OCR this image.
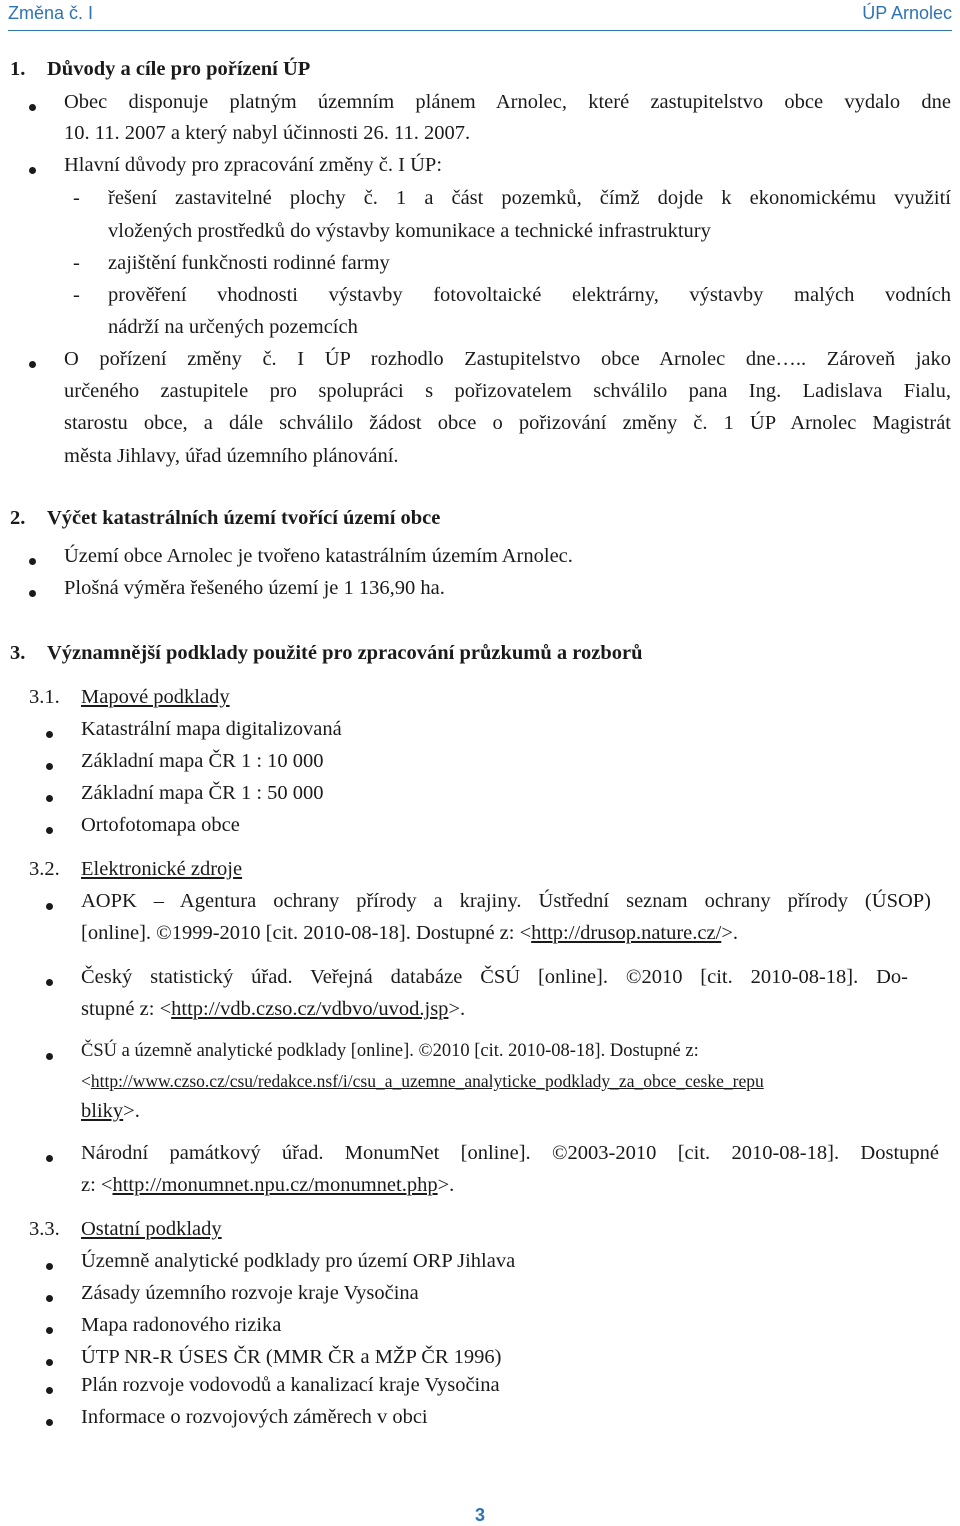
Změna č. I	ÚP Arnolec
1. Důvody a cíle pro pořízení ÚP
Obec disponuje platným územním plánem Arnolec, které zastupitelstvo obce vydalo dne
10. 11. 2007 a který nabyl účinnosti 26. 11. 2007.
Hlavní důvody pro zpracování změny č. I ÚP:
- řešení zastavitelné plochy č. 1 a část pozemků, čímž dojde k ekonomickému využití
vložených prostředků do výstavby komunikace a technické infrastruktury
- zajištění funkčnosti rodinné farmy
- prověření vhodnosti výstavby fotovoltaické elektrárny, výstavby malých vodních
nádrží na určených pozemcích
O pořízení změny č. I ÚP rozhodlo Zastupitelstvo obce Arnolec dne….. Zároveň jako
určeného zastupitele pro spolupráci s pořizovatelem schválilo pana Ing. Ladislava Fialu,
starostu obce, a dále schválilo žádost obce o pořizování změny č. 1 ÚP Arnolec Magistrát
města Jihlavy, úřad územního plánování.
2. Výčet katastrálních území tvořící území obce
Území obce Arnolec je tvořeno katastrálním územím Arnolec.
Plošná výměra řešeného území je 1 136,90 ha.
3. Významnější podklady použité pro zpracování průzkumů a rozborů
3.1. Mapové podklady
Katastrální mapa digitalizovaná
Základní mapa ČR 1 : 10 000
Základní mapa ČR 1 : 50 000
Ortofotomapa obce
3.2. Elektronické zdroje
AOPK – Agentura ochrany přírody a krajiny. Ústřední seznam ochrany přírody (ÚSOP)
[online]. ©1999-2010 [cit. 2010-08-18]. Dostupné z: <http://drusop.nature.cz/>.
Český statistický úřad. Veřejná databáze ČSÚ [online]. ©2010 [cit. 2010-08-18]. Do-
stupné z: <http://vdb.czso.cz/vdbvo/uvod.jsp>.
ČSÚ a územně analytické podklady [online]. ©2010 [cit. 2010-08-18]. Dostupné z:
<http://www.czso.cz/csu/redakce.nsf/i/csu_a_uzemne_analyticke_podklady_za_obce_ceske_repu
bliky>.
Národní památkový úřad. MonumNet [online]. ©2003-2010 [cit. 2010-08-18]. Dostupné
z: <http://monumnet.npu.cz/monumnet.php>.
3.3. Ostatní podklady
Územně analytické podklady pro území ORP Jihlava
Zásady územního rozvoje kraje Vysočina
Mapa radonového rizika
ÚTP NR-R ÚSES ČR (MMR ČR a MŽP ČR 1996)
Plán rozvoje vodovodů a kanalizací kraje Vysočina
Informace o rozvojových záměrech v obci
3
